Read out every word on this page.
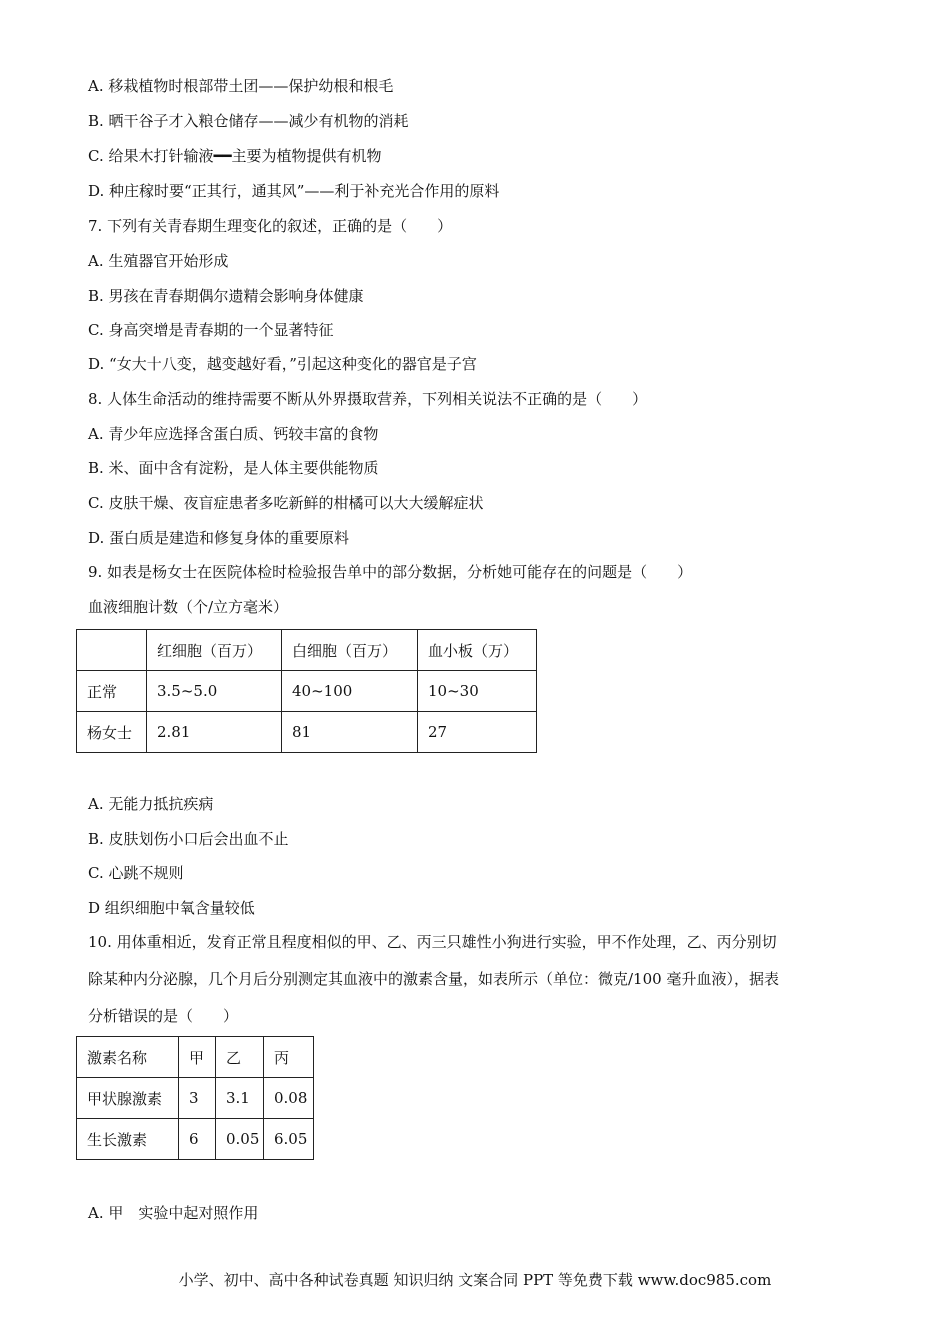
A. 移栽植物时根部带土团——保护幼根和根毛
B. 晒干谷子才入粮仓储存——减少有机物的消耗
C. 给果木打针输液━━主要为植物提供有机物
D. 种庄稼时要“正其行，通其风”——利于补充光合作用的原料
7. 下列有关青春期生理变化的叙述，正确的是（　　）
A. 生殖器官开始形成
B. 男孩在青春期偶尔遗精会影响身体健康
C. 身高突增是青春期的一个显著特征
D. “女大十八变，越变越好看，”引起这种变化的器官是子宫
8. 人体生命活动的维持需要不断从外界摄取营养，下列相关说法不正确的是（　　）
A. 青少年应选择含蛋白质、钙较丰富的食物
B. 米、面中含有淀粉，是人体主要供能物质
C. 皮肤干燥、夜盲症患者多吃新鲜的柑橘可以大大缓解症状
D. 蛋白质是建造和修复身体的重要原料
9. 如表是杨女士在医院体检时检验报告单中的部分数据，分析她可能存在的问题是（　　）
血液细胞计数（个/立方毫米）
	红细胞（百万）	白细胞（百万）	血小板（万）
正常	3.5~5.0	40~100	10~30
杨女士	2.81	81	27
A. 无能力抵抗疾病
B. 皮肤划伤小口后会出血不止
C. 心跳不规则
D 组织细胞中氧含量较低
10. 用体重相近，发育正常且程度相似的甲、乙、丙三只雄性小狗进行实验，甲不作处理，乙、丙分别切
除某种内分泌腺，几个月后分别测定其血液中的激素含量，如表所示（单位：微克/100 毫升血液），据表
分析错误的是（　　）
激素名称	甲	乙	丙
甲状腺激素	3	3.1	0.08
生长激素	6	0.05	6.05
A. 甲　实验中起对照作用
小学、初中、高中各种试卷真题 知识归纳 文案合同 PPT 等免费下载 www.doc985.com
